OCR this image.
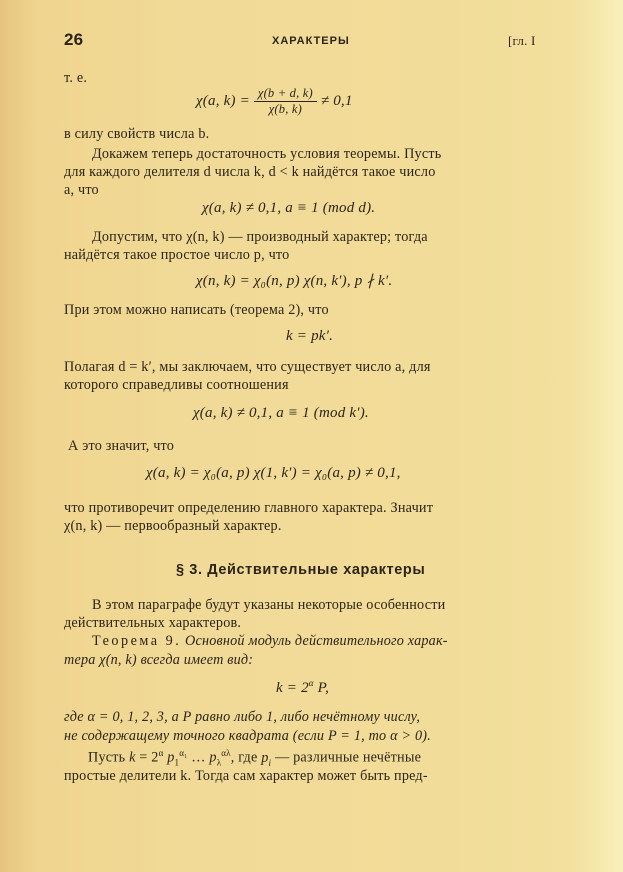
26	ХАРАКТЕРЫ	[гл. I
т. е.
χ(a, $k) = \frac{\chi(b + d, k)}{\chi(b, k)} \ne 0,1$
в силу свойств числа b.
Докажем теперь достаточность условия теоремы. Пусть
для каждого делителя d числа k, d < k найдётся такое число
a, что
χ(a, k) ≠ 0,1, a ≡ 1 (mod d).
Допустим, что χ(n, k) — производный характер; тогда
найдётся такое простое число p, что
χ(n, k) = χ₀(n, p) χ(n, k′), p ∤ k′.
При этом можно написать (теорема 2), что
k = pk′.
Полагая d = k′, мы заключаем, что существует число a, для
которого справедливы соотношения
χ(a, k) ≠ 0,1, a ≡ 1 (mod k′).
А это значит, что
χ(a, k) = χ₀(a, p) χ(1, k′) = χ₀(a, p) ≠ 0,1,
что противоречит определению главного характера. Значит
χ(n, k) — первообразный характер.
§ 3. Действительные характеры
В этом параграфе будут указаны некоторые особенности
действительных характеров.
Теорема 9. Основной модуль действительного харак-
тера χ(n, k) всегда имеет вид:
$k = 2^\alpha$ P,
где α = 0, 1, 2, 3, а P равно либо 1, либо нечётному числу,
не содержащему точного квадрата (если P = 1, то α > 0).
Пусть $k = 2^\alpha$ $p_1^{\alpha_1}$ … $p_\lambda^{\alpha\lambda}$, где $p_i$ — различные нечётные
простые делители k. Тогда сам характер может быть пред-
